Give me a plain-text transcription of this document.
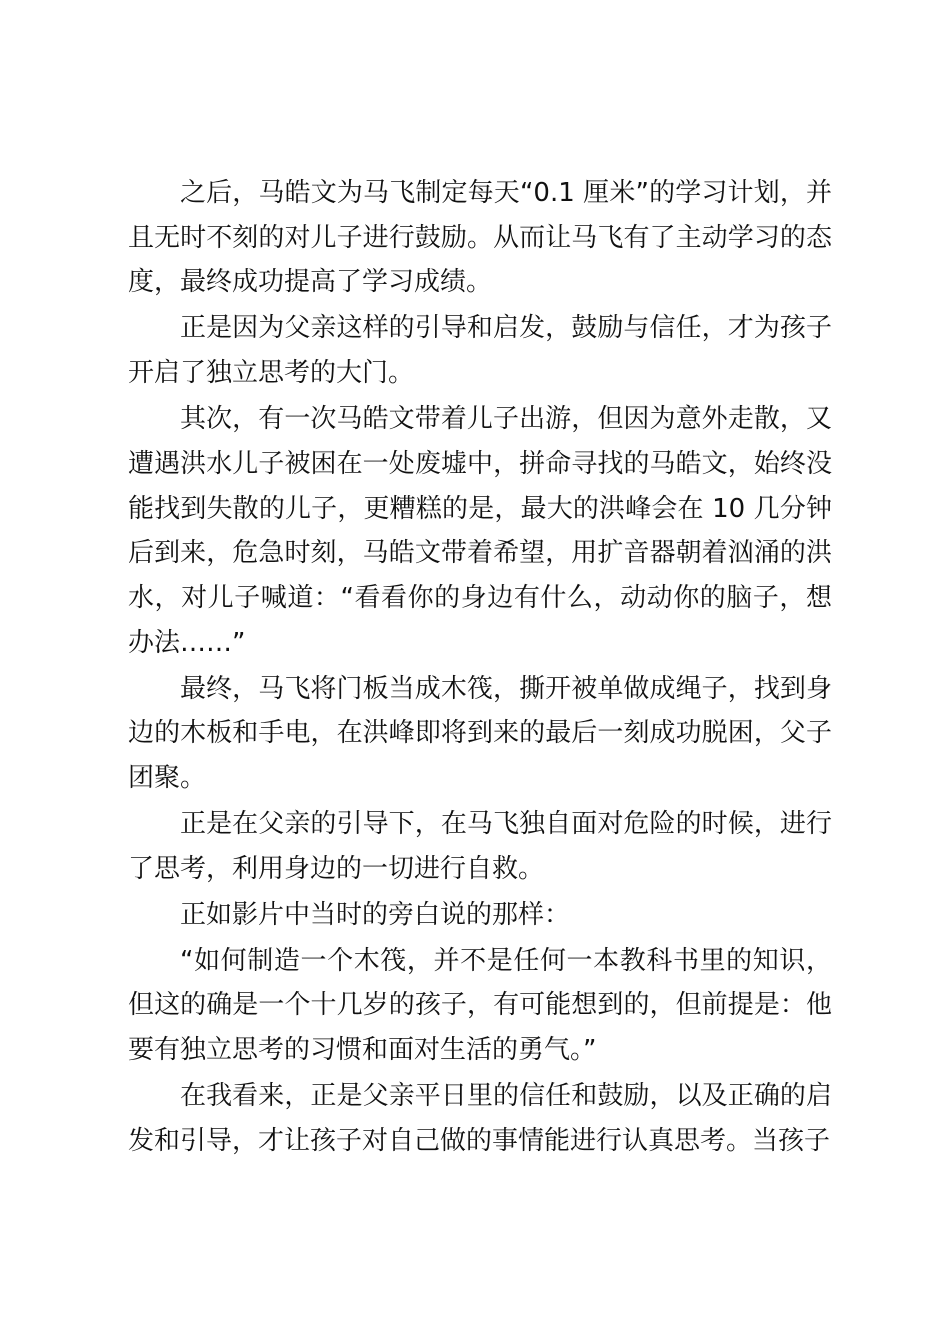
之后，马皓文为马飞制定每天“0.1 厘米”的学习计划，并且无时不刻的对儿子进行鼓励。从而让马飞有了主动学习的态度，最终成功提高了学习成绩。

正是因为父亲这样的引导和启发，鼓励与信任，才为孩子开启了独立思考的大门。

其次，有一次马皓文带着儿子出游，但因为意外走散，又遭遇洪水儿子被困在一处废墟中，拼命寻找的马皓文，始终没能找到失散的儿子，更糟糕的是，最大的洪峰会在 10 几分钟后到来，危急时刻，马皓文带着希望，用扩音器朝着汹涌的洪水，对儿子喊道：“看看你的身边有什么，动动你的脑子，想办法……”

最终，马飞将门板当成木筏，撕开被单做成绳子，找到身边的木板和手电，在洪峰即将到来的最后一刻成功脱困，父子团聚。

正是在父亲的引导下，在马飞独自面对危险的时候，进行了思考，利用身边的一切进行自救。

正如影片中当时的旁白说的那样：

“如何制造一个木筏，并不是任何一本教科书里的知识，但这的确是一个十几岁的孩子，有可能想到的，但前提是：他要有独立思考的习惯和面对生活的勇气。”

在我看来，正是父亲平日里的信任和鼓励，以及正确的启发和引导，才让孩子对自己做的事情能进行认真思考。当孩子
